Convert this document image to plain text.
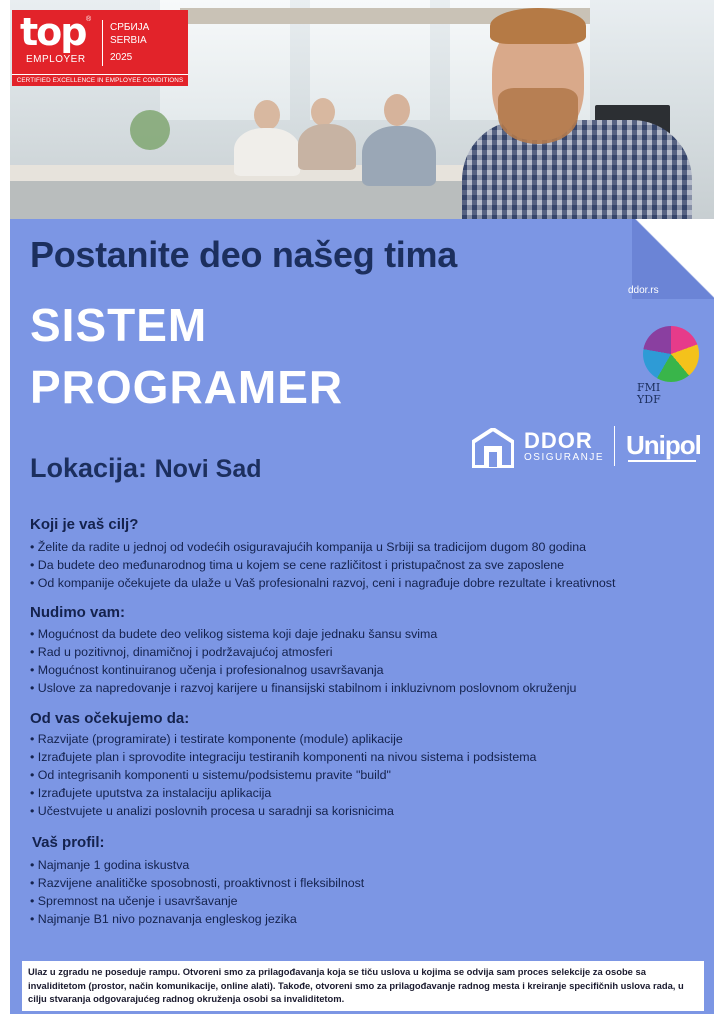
top ®
EMPLOYER
СРБИЈА
SERBIA
2025
CERTIFIED EXCELLENCE IN EMPLOYEE CONDITIONS
ddor.rs
Postanite deo našeg tima
SISTEM
PROGRAMER
Lokacija: Novi Sad
FMI
YDF
DDOR
OSIGURANJE Unipol
Koji je vaš cilj?
• Želite da radite u jednoj od vodećih osiguravajućih kompanija u Srbiji sa tradicijom dugom 80 godina
• Da budete deo međunarodnog tima u kojem se cene različitost i pristupačnost za sve zaposlene
• Od kompanije očekujete da ulaže u Vaš profesionalni razvoj, ceni i nagrađuje dobre rezultate i kreativnost
Nudimo vam:
• Mogućnost da budete deo velikog sistema koji daje jednaku šansu svima
• Rad u pozitivnoj, dinamičnoj i podržavajućoj atmosferi
• Mogućnost kontinuiranog učenja i profesionalnog usavršavanja
• Uslove za napredovanje i razvoj karijere u finansijski stabilnom i inkluzivnom poslovnom okruženju
Od vas očekujemo da:
• Razvijate (programirate) i testirate komponente (module) aplikacije
• Izrađujete plan i sprovodite integraciju testiranih komponenti na nivou sistema i podsistema
• Od integrisanih komponenti u sistemu/podsistemu pravite "build"
• Izrađujete uputstva za instalaciju aplikacija
• Učestvujete u analizi poslovnih procesa u saradnji sa korisnicima
Vaš profil:
• Najmanje 1 godina iskustva
• Razvijene analitičke sposobnosti, proaktivnost i fleksibilnost
• Spremnost na učenje i usavršavanje
• Najmanje B1 nivo poznavanja engleskog jezika
Ulaz u zgradu ne poseduje rampu. Otvoreni smo za prilagođavanja koja se tiču uslova u kojima se odvija sam proces selekcije za osobe sa invaliditetom (prostor, način komunikacije, online alati). Takođe, otvoreni smo za prilagođavanje radnog mesta i kreiranje specifičnih uslova rada, u cilju stvaranja odgovarajućeg radnog okruženja osobi sa invaliditetom.
